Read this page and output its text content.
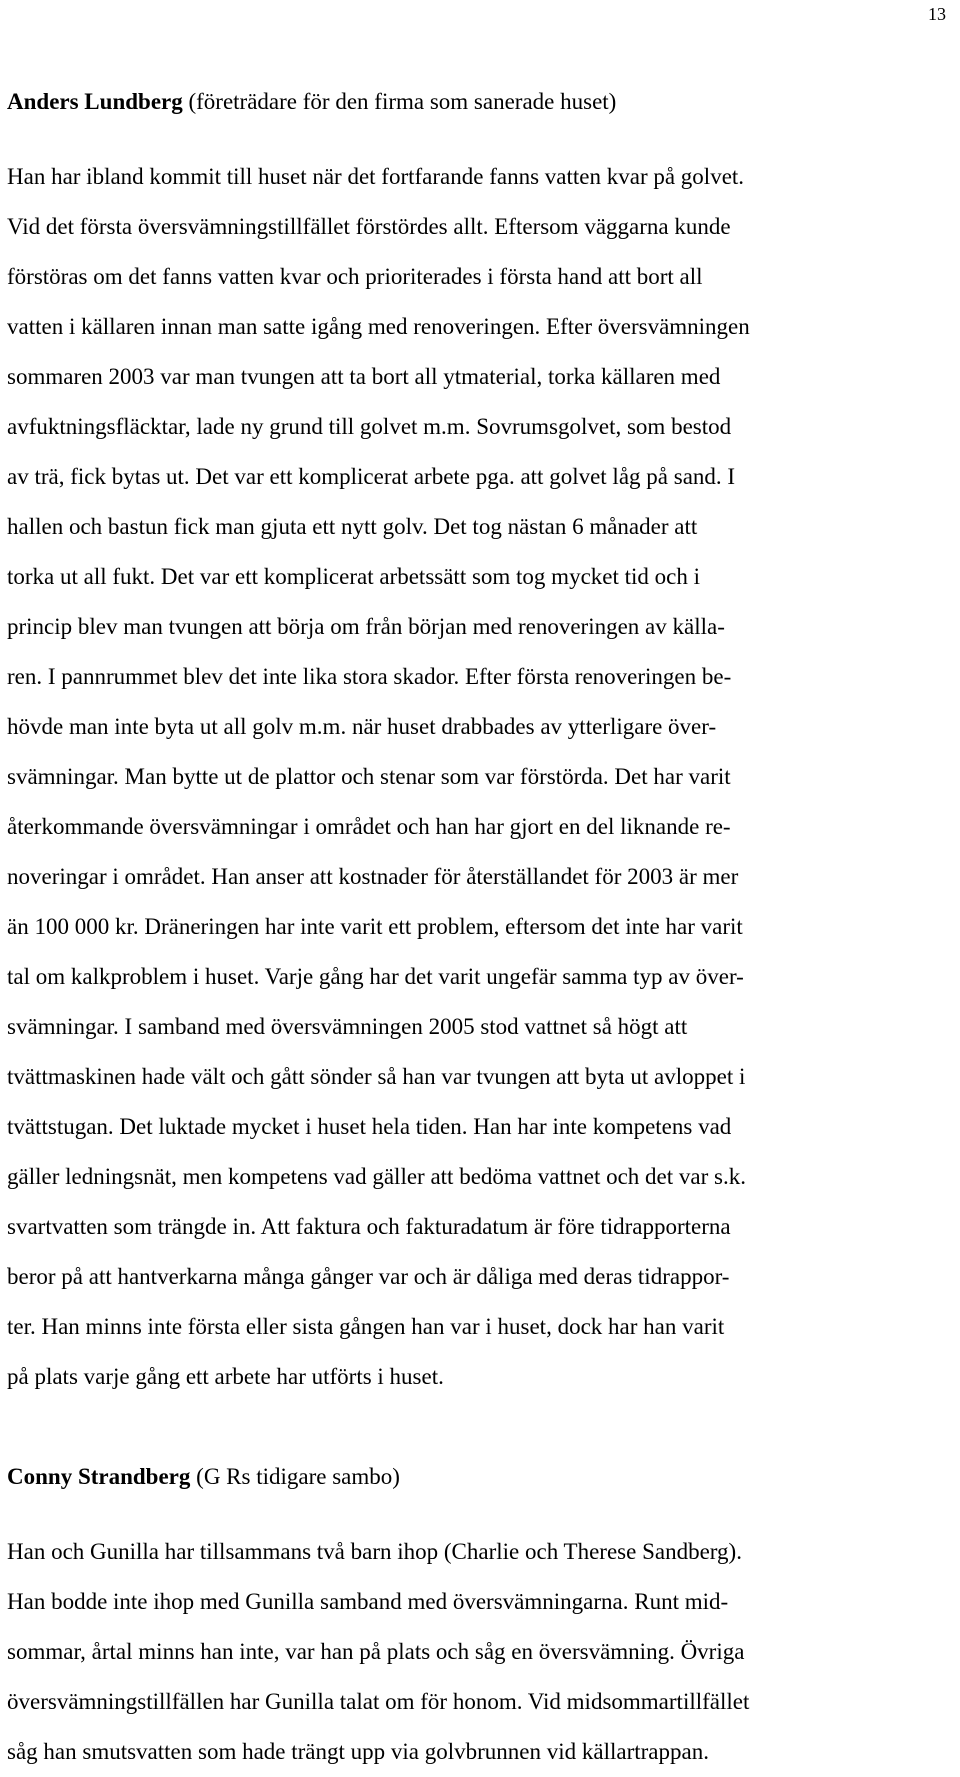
13
Anders Lundberg (företrädare för den firma som sanerade huset)
Han har ibland kommit till huset när det fortfarande fanns vatten kvar på golvet.
Vid det första översvämningstillfället förstördes allt. Eftersom väggarna kunde
förstöras om det fanns vatten kvar och prioriterades i första hand att bort all
vatten i källaren innan man satte igång med renoveringen. Efter översvämningen
sommaren 2003 var man tvungen att ta bort all ytmaterial, torka källaren med
avfuktningsfläcktar, lade ny grund till golvet m.m. Sovrumsgolvet, som bestod
av trä, fick bytas ut. Det var ett komplicerat arbete pga. att golvet låg på sand. I
hallen och bastun fick man gjuta ett nytt golv. Det tog nästan 6 månader att
torka ut all fukt. Det var ett komplicerat arbetssätt som tog mycket tid och i
princip blev man tvungen att börja om från början med renoveringen av källa-
ren. I pannrummet blev det inte lika stora skador. Efter första renoveringen be-
hövde man inte byta ut all golv m.m. när huset drabbades av ytterligare över-
svämningar. Man bytte ut de plattor och stenar som var förstörda. Det har varit
återkommande översvämningar i området och han har gjort en del liknande re-
noveringar i området. Han anser att kostnader för återställandet för 2003 är mer
än 100 000 kr. Dräneringen har inte varit ett problem, eftersom det inte har varit
tal om kalkproblem i huset. Varje gång har det varit ungefär samma typ av över-
svämningar. I samband med översvämningen 2005 stod vattnet så högt att
tvättmaskinen hade vält och gått sönder så han var tvungen att byta ut avloppet i
tvättstugan. Det luktade mycket i huset hela tiden. Han har inte kompetens vad
gäller ledningsnät, men kompetens vad gäller att bedöma vattnet och det var s.k.
svartvatten som trängde in. Att faktura och fakturadatum är före tidrapporterna
beror på att hantverkarna många gånger var och är dåliga med deras tidrappor-
ter. Han minns inte första eller sista gången han var i huset, dock har han varit
på plats varje gång ett arbete har utförts i huset.
Conny Strandberg (G Rs tidigare sambo)
Han och Gunilla har tillsammans två barn ihop (Charlie och Therese Sandberg).
Han bodde inte ihop med Gunilla samband med översvämningarna. Runt mid-
sommar, årtal minns han inte, var han på plats och såg en översvämning. Övriga
översvämningstillfällen har Gunilla talat om för honom. Vid midsommartillfället
såg han smutsvatten som hade trängt upp via golvbrunnen vid källartrappan.
